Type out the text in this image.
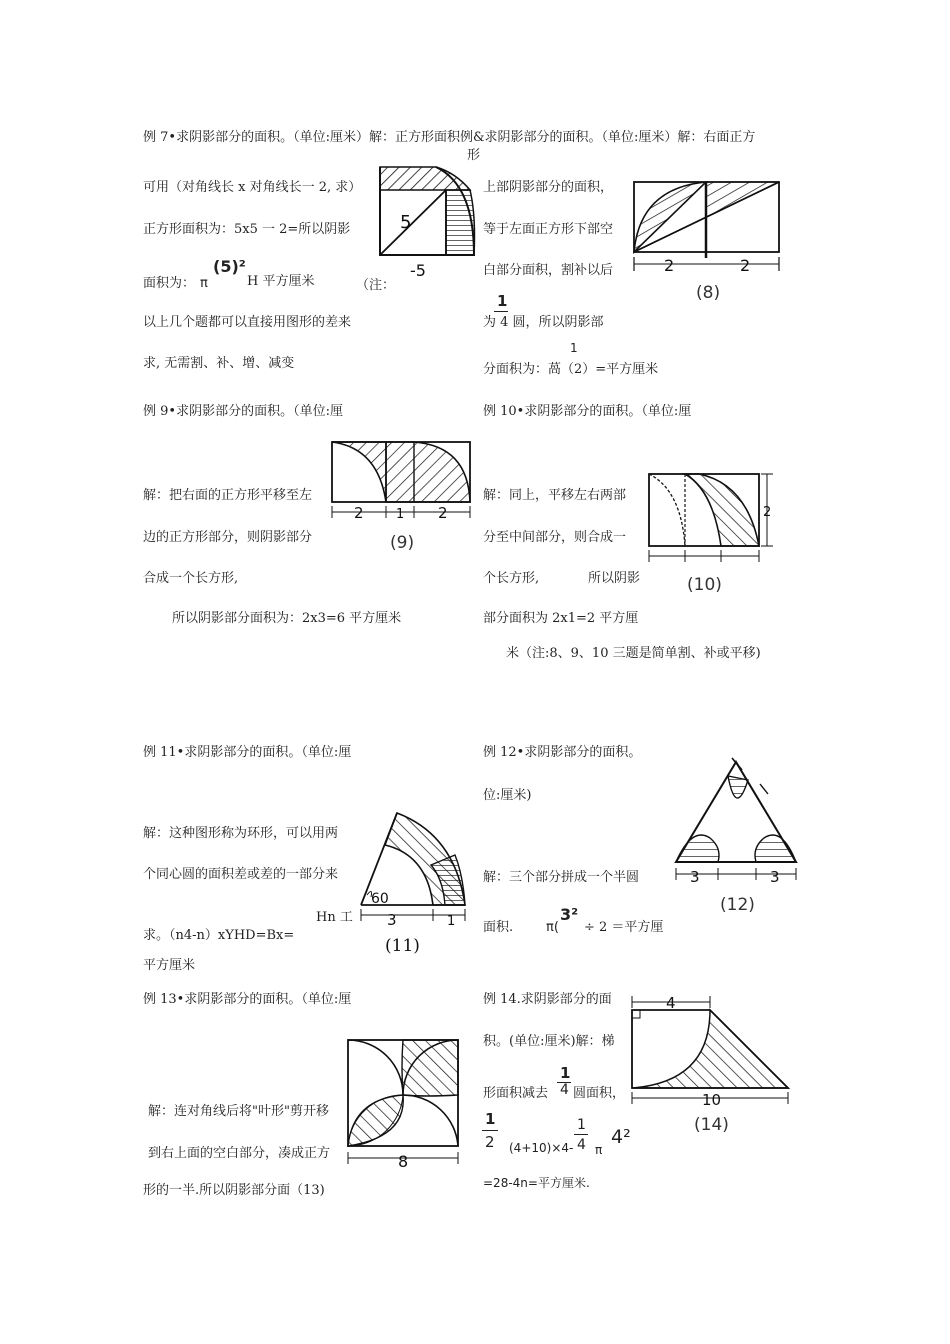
例 7•求阴影部分的面积。（单位:厘米）解：正方形面积例&求阴影部分的面积。（单位:厘米）解：右面正方
形
可用（对角线长 x 对角线长一 2, 求）
正方形面积为：5x5 一 2=所以阴影
面积为： π
(5)²
H 平方厘米	（注：
以上几个题都可以直接用图形的差来
求, 无需割、补、增、减变
5
-5
上部阴影部分的面积，
等于左面正方形下部空
白部分面积，割补以后
1
为 4 圆，所以阴影部
1
分面积为：萵（2）=平方厘米
2	2
(8)
例 9•求阴影部分的面积。（单位:厘
解：把右面的正方形平移至左
边的正方形部分，则阴影部分
合成一个长方形,
所以阴影部分面积为：2x3=6 平方厘米
2 1 2
(9)
例 10•求阴影部分的面积。（单位:厘
解：同上，平移左右两部
分至中间部分，则合成一
个长方形,	所以阴影
部分面积为 2x1=2 平方厘
米（注:8、9、10 三题是简单割、补或平移)
2
(10)
例 11•求阴影部分的面积。（单位:厘
解：这种图形称为环形，可以用两
个同心圆的面积差或差的一部分来
Hn 工
求。（n4-n）xYHD=Bx=
平方厘米
60
3	1
(11)
例 12•求阴影部分的面积。
位:厘米)
解：三个部分拼成一个半圆
面积.	π(
3²
÷ 2 ＝平方厘
3	3
(12)
例 13•求阴影部分的面积。（单位:厘
解：连对角线后将"叶形"剪开移
到右上面的空白部分，凑成正方
形的一半.所以阴影部分面（13)
8
例 14.求阴影部分的面
积。(单位:厘米)解：梯
形面积减去
1
4 圆面积，
1
2 (4+10)×4-
1
4 π
4²
=28-4n=平方厘米.
4
10
(14)
